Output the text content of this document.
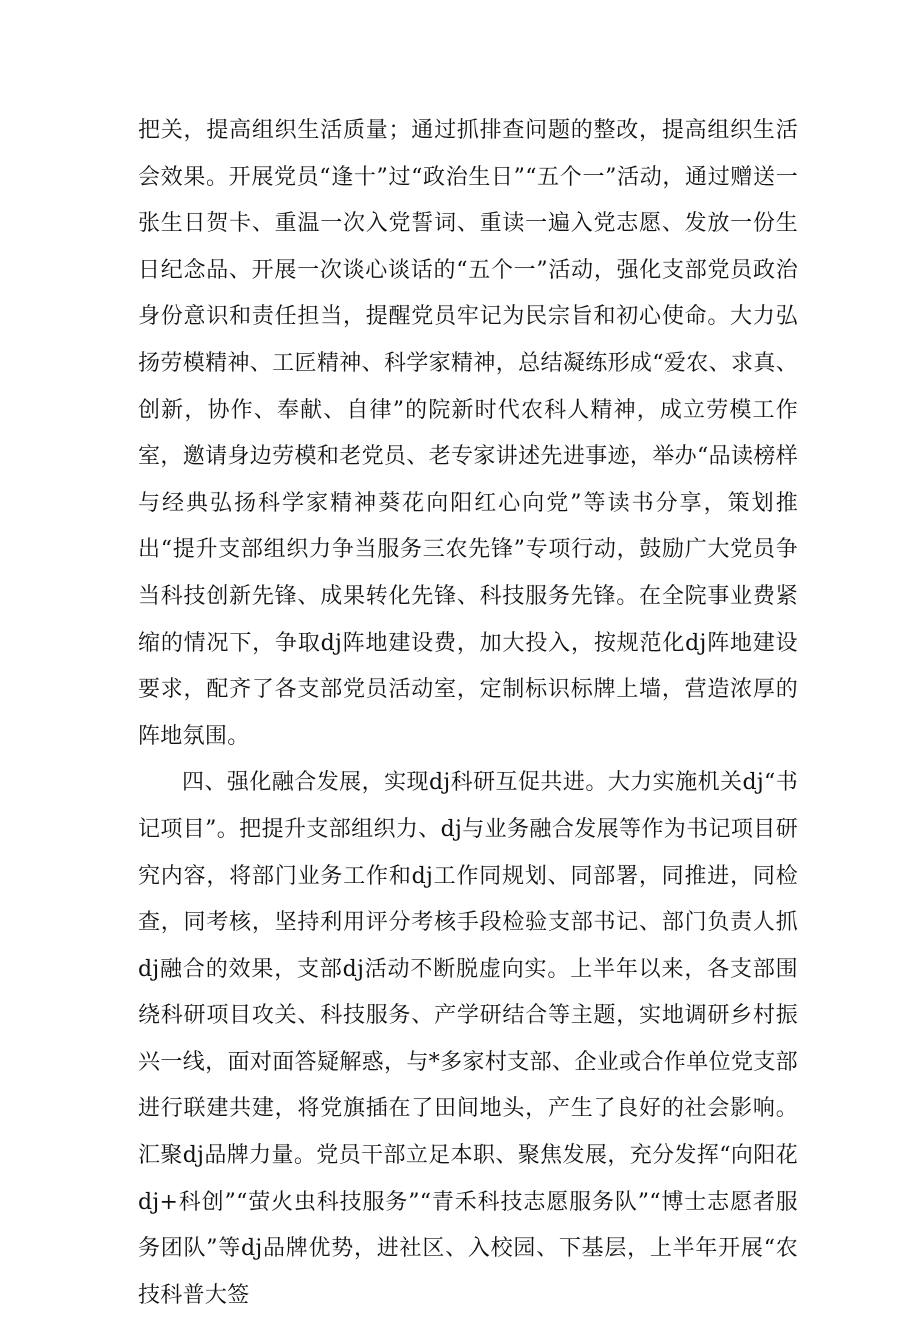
把关，提高组织生活质量；通过抓排查问题的整改，提高组织生活会效果。开展党员“逢十”过“政治生日”“五个一”活动，通过赠送一张生日贺卡、重温一次入党誓词、重读一遍入党志愿、发放一份生日纪念品、开展一次谈心谈话的“五个一”活动，强化支部党员政治身份意识和责任担当，提醒党员牢记为民宗旨和初心使命。大力弘扬劳模精神、工匠精神、科学家精神，总结凝练形成“爱农、求真、创新，协作、奉献、自律”的院新时代农科人精神，成立劳模工作室，邀请身边劳模和老党员、老专家讲述先进事迹，举办“品读榜样与经典弘扬科学家精神葵花向阳红心向党”等读书分享，策划推出“提升支部组织力争当服务三农先锋”专项行动，鼓励广大党员争当科技创新先锋、成果转化先锋、科技服务先锋。在全院事业费紧缩的情况下，争取dj阵地建设费，加大投入，按规范化dj阵地建设要求，配齐了各支部党员活动室，定制标识标牌上墙，营造浓厚的阵地氛围。

四、强化融合发展，实现dj科研互促共进。大力实施机关dj“书记项目”。把提升支部组织力、dj与业务融合发展等作为书记项目研究内容，将部门业务工作和dj工作同规划、同部署，同推进，同检查，同考核，坚持利用评分考核手段检验支部书记、部门负责人抓dj融合的效果，支部dj活动不断脱虚向实。上半年以来，各支部围绕科研项目攻关、科技服务、产学研结合等主题，实地调研乡村振兴一线，面对面答疑解惑，与*多家村支部、企业或合作单位党支部进行联建共建，将党旗插在了田间地头，产生了良好的社会影响。汇聚dj品牌力量。党员干部立足本职、聚焦发展，充分发挥“向阳花dj+科创”“萤火虫科技服务”“青禾科技志愿服务队”“博士志愿者服务团队”等dj品牌优势，进社区、入校园、下基层，上半年开展“农技科普大签
